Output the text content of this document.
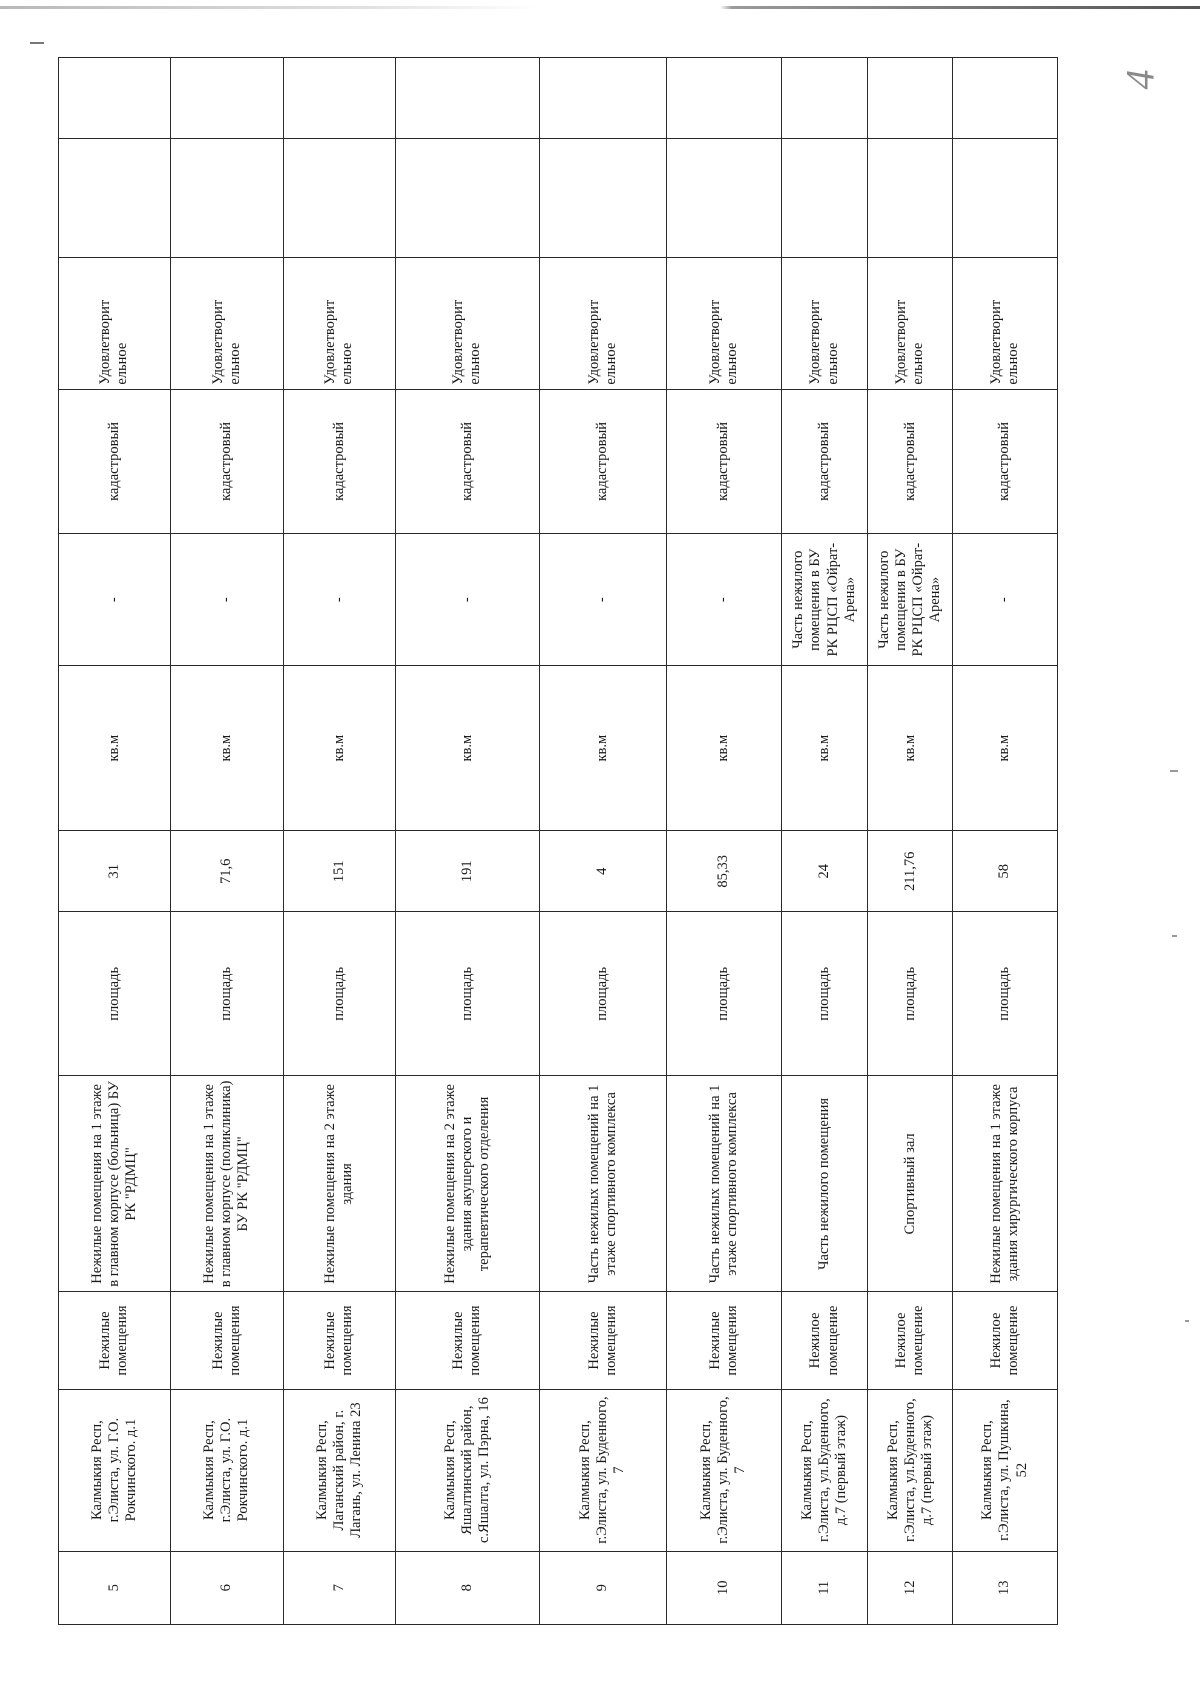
4
5	Калмыкия Респ, г.Элиста, ул. Г.О. Рокчинского. д.1	Нежилые помещения	Нежилые помещения на 1 этаже в главном корпусе (больница) БУ РК "РДМЦ"	площадь	31	кв.м	-	кадастровый	Удовлетворит ельное		
6	Калмыкия Респ, г.Элиста, ул. Г.О. Рокчинского. д.1	Нежилые помещения	Нежилые помещения на 1 этаже в главном корпусе (поликлиника) БУ РК "РДМЦ"	площадь	71,6	кв.м	-	кадастровый	Удовлетворит ельное		
7	Калмыкия Респ, Лаганский район, г. Лагань, ул. Ленина 23	Нежилые помещения	Нежилые помещения на 2 этаже здания	площадь	151	кв.м	-	кадастровый	Удовлетворит ельное		
8	Калмыкия Респ, Яшалтинский район, с.Яшалта, ул. Пэрна, 16	Нежилые помещения	Нежилые помещения на 2 этаже здания акушерского и терапевтического отделения	площадь	191	кв.м	-	кадастровый	Удовлетворит ельное		
9	Калмыкия Респ, г.Элиста, ул. Буденного, 7	Нежилые помещения	Часть нежилых помещений на 1 этаже спортивного комплекса	площадь	4	кв.м	-	кадастровый	Удовлетворит ельное		
10	Калмыкия Респ, г.Элиста, ул. Буденного, 7	Нежилые помещения	Часть нежилых помещений на 1 этаже спортивного комплекса	площадь	85,33	кв.м	-	кадастровый	Удовлетворит ельное		
11	Калмыкия Респ, г.Элиста, ул.Буденного, д.7 (первый этаж)	Нежилое помещение	Часть нежилого помещения	площадь	24	кв.м	Часть нежилого помещения в БУ РК РЦСП «Ойрат-Арена»	кадастровый	Удовлетворит ельное		
12	Калмыкия Респ, г.Элиста, ул.Буденного, д.7 (первый этаж)	Нежилое помещение	Спортивный зал	площадь	211,76	кв.м	Часть нежилого помещения в БУ РК РЦСП «Ойрат-Арена»	кадастровый	Удовлетворит ельное		
13	Калмыкия Респ, г.Элиста, ул. Пушкина, 52	Нежилое помещение	Нежилые помещения на 1 этаже здания хирургического корпуса	площадь	58	кв.м	-	кадастровый	Удовлетворит ельное		
